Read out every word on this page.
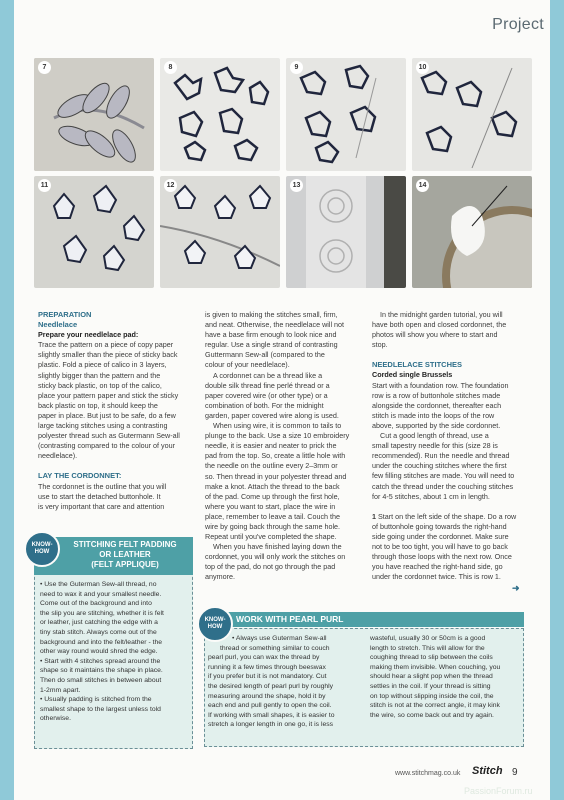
Project
7	8	9	10
11	12	13	14

PREPARATION

Needlelace

Prepare your needlelace pad:

Trace the pattern on a piece of copy paper

slightly smaller than the piece of sticky back

plastic. Fold a piece of calico in 3 layers,

slightly bigger than the pattern and the

sticky back plastic, on top of the calico,

place your pattern paper and stick the sticky

back plastic on top, it should keep the

paper in place. But just to be safe, do a few

large tacking stitches using a contrasting

polyester thread such as Gutermann Sew-all

(contrasting compared to the colour of your

needlelace).

LAY THE CORDONNET:

The cordonnet is the outline that you will

use to start the detached buttonhole. It

is very important that care and attention

is given to making the stitches small, firm,

and neat. Otherwise, the needlelace will not

have a base firm enough to look nice and

regular. Use a single strand of contrasting

Guttermann Sew-all (compared to the

colour of your needlelace).

A cordonnet can be a thread like a

double silk thread fine perlé thread or a

paper covered wire (or other type) or a

combination of both. For the midnight

garden, paper covered wire along is used.

When using wire, it is common to tails to

plunge to the back. Use a size 10 embroidery

needle, it is easier and neater to prick the

pad from the top. So, create a little hole with

the needle on the outline every 2–3mm or

so. Then thread in your polyester thread and

make a knot. Attach the thread to the back

of the pad. Come up through the first hole,

where you want to start, place the wire in

place, remember to leave a tail. Couch the

wire by going back through the same hole.

Repeat until you've completed the shape.

When you have finished laying down the

cordonnet, you will only work the stitches on

top of the pad, do not go through the pad

anymore.

In the midnight garden tutorial, you will

have both open and closed cordonnet, the

photos will show you where to start and

stop.

NEEDLELACE STITCHES

Corded single Brussels

Start with a foundation row. The foundation

row is a row of buttonhole stitches made

alongside the cordonnet, thereafter each

stitch is made into the loops of the row

above, supported by the side cordonnet.

Cut a good length of thread, use a

small tapestry needle for this (size 28 is

recommended). Run the needle and thread

under the couching stitches where the first

few filling stitches are made. You will need to

catch the thread under the couching stitches

for 4-5 stitches, about 1 cm in length.

1 Start on the left side of the shape. Do a row

of buttonhole going towards the right-hand

side going under the cordonnet. Make sure

not to be too tight, you will have to go back

through those loops with the next row. Once

you have reached the right-hand side, go

under the cordonnet twice. This is row 1.

➜
STITCHING FELT PADDING
OR LEATHER
(FELT APPLIQUE)
KNOW-HOW

• Use the Guterman Sew-all thread, no

need to wax it and your smallest needle.

Come out of the background and into

the slip you are stitching, whether it is felt

or leather, just catching the edge with a

tiny stab stitch. Always come out of the

background and into the felt/leather - the

other way round would shred the edge.

• Start with 4 stitches spread around the

shape so it maintains the shape in place.

Then do small stitches in between about

1-2mm apart.

• Usually padding is stitched from the

smallest shape to the largest unless told

otherwise.

WORK WITH PEARL PURL
KNOW-HOW

• Always use Guterman Sew-all

thread or something similar to couch

pearl purl, you can wax the thread by

running it a few times through beeswax

if you prefer but it is not mandatory. Cut

the desired length of pearl purl by roughly

measuring around the shape, hold it by

each end and pull gently to open the coil.

If working with small shapes, it is easier to

stretch a longer length in one go, it is less

wasteful, usually 30 or 50cm is a good

length to stretch. This will allow for the

coughing thread to slip between the coils

making them invisible. When couching, you

should hear a slight pop when the thread

settles in the coil. If your thread is sitting

on top without slipping inside the coil, the

stitch is not at the correct angle, it may kink

the wire, so come back out and try again.

www.stitchmag.co.uk Stitch 9
PassionForum.ru
